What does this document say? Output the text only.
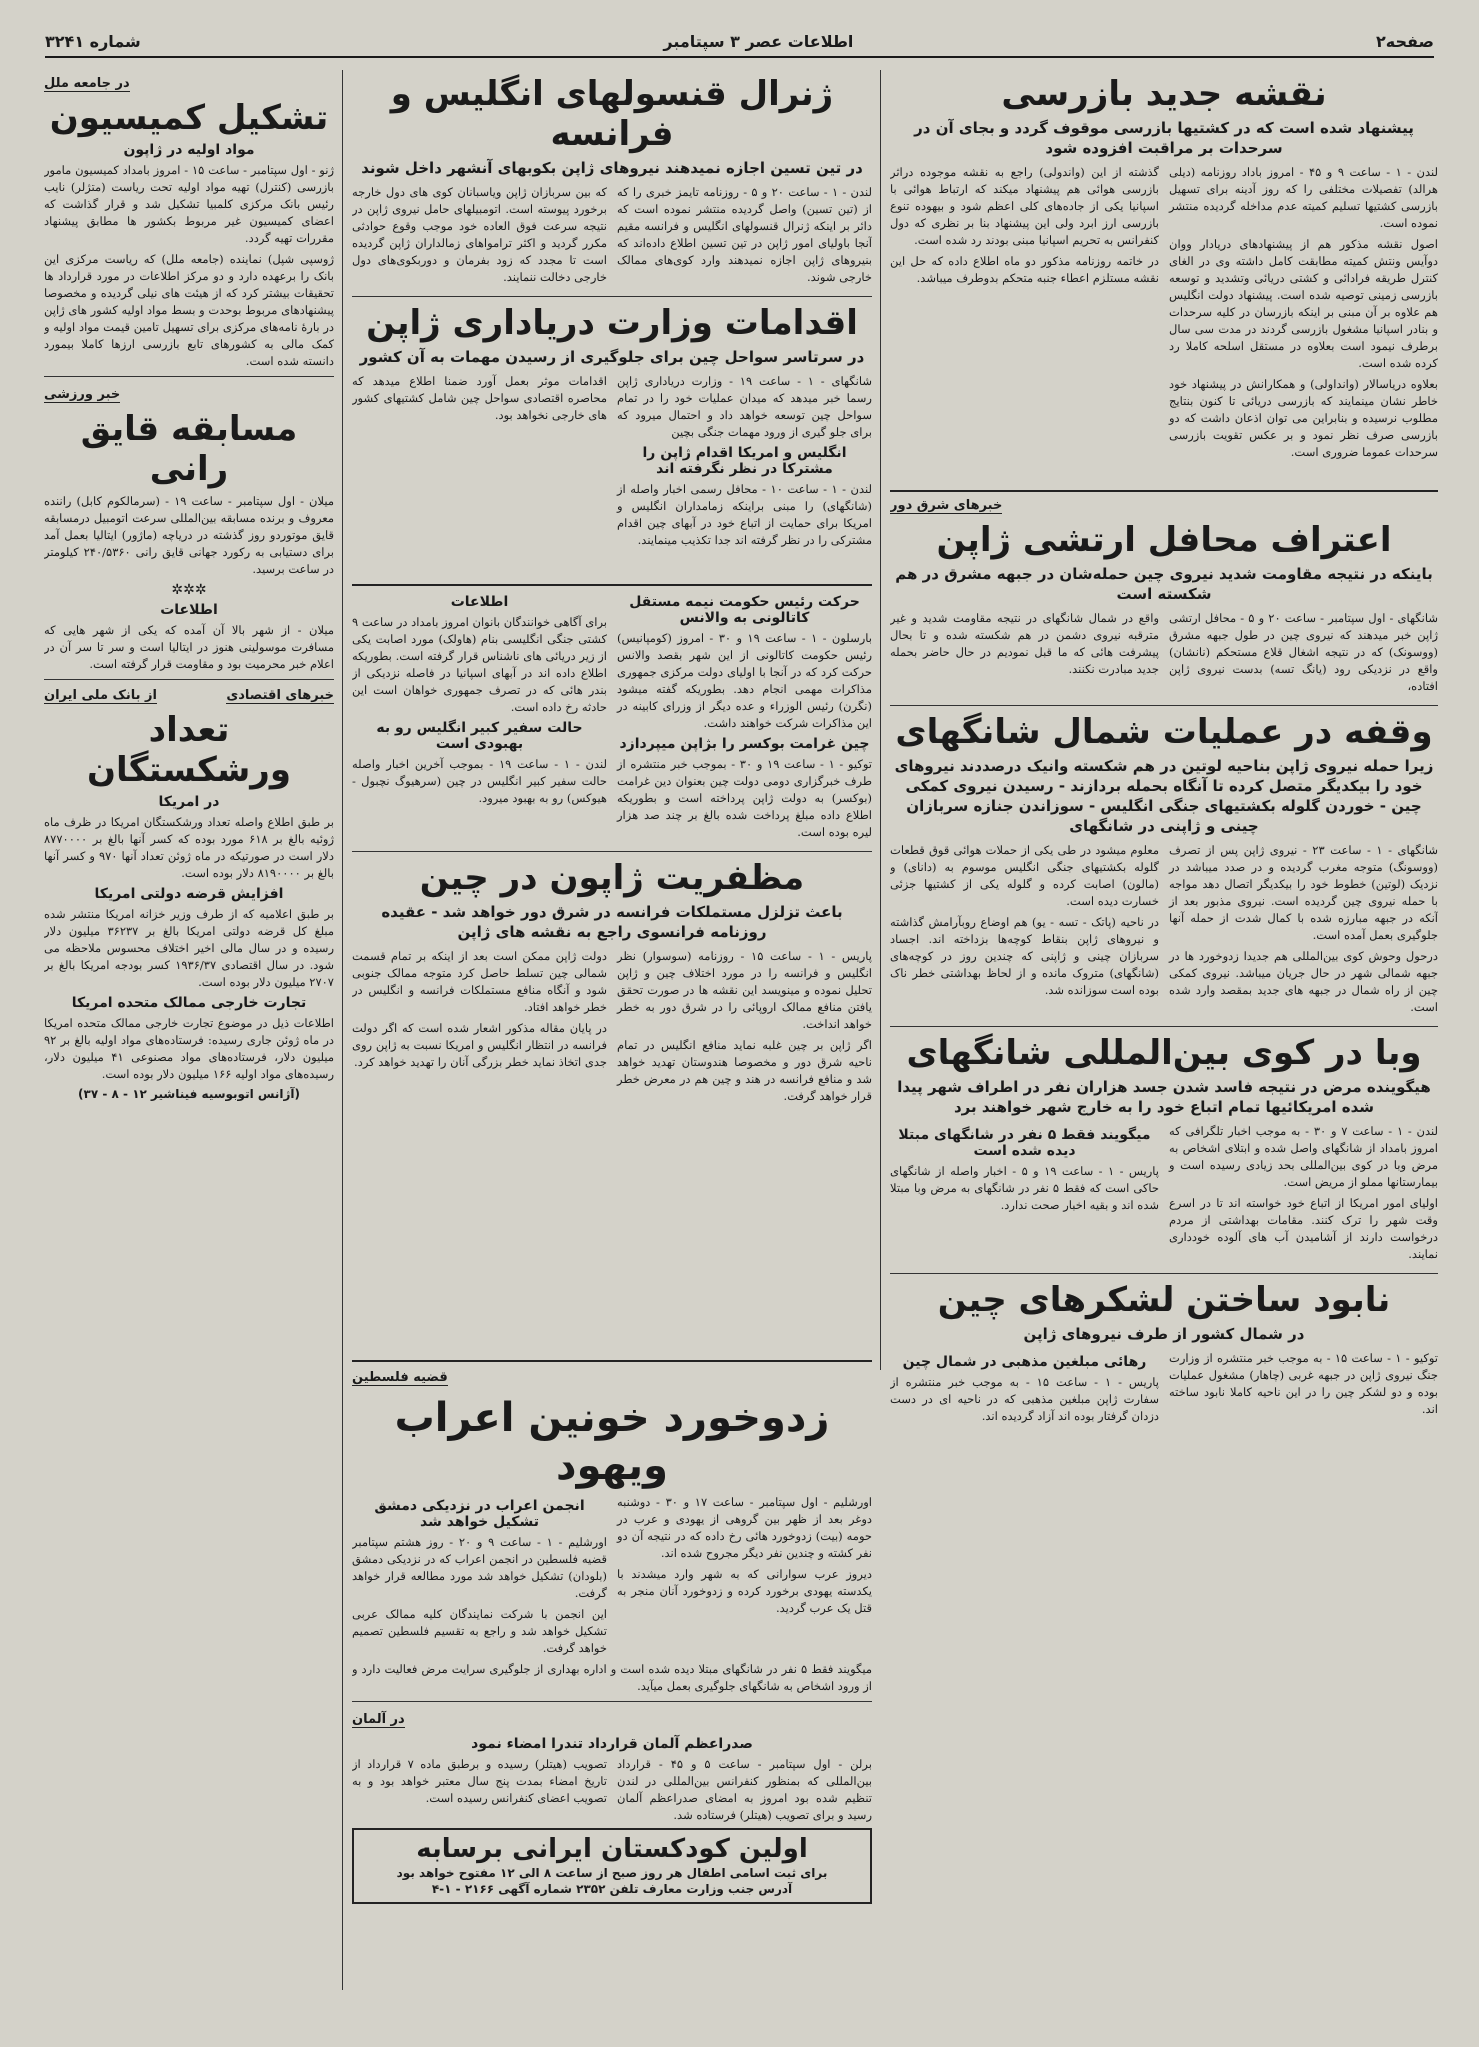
صفحه۲
اطلاعات عصر ۳ سپتامبر
شماره ۳۲۴۱
نقشه جدید بازرسی
پیشنهاد شده است که در کشتیها بازرسی موقوف گردد و بجای آن در سرحدات بر مراقبت افزوده شود

لندن - ۱ - ساعت ۹ و ۴۵ - امروز باداد روزنامه (دیلی هرالد) تفصیلات مختلفی را که روز آدینه برای تسهیل بازرسی کشتیها تسلیم کمیته عدم مداخله گردیده منتشر نموده است.

اصول نقشه مذکور هم از پیشنهادهای دریادار ووان دوآیس ونتش کمیته مطابقت کامل داشته وی در الغای کنترل طریقه فرادائی و کشتی دریائی وتشدید و توسعه بازرسی زمینی توصیه شده است. پیشنهاد دولت انگلیس هم علاوه بر آن مبنی بر اینکه بازرسان در کلیه سرحدات و بنادر اسپانیا مشغول بازرسی گردند در مدت سی سال برطرف نیمود است بعلاوه در مستقل اسلحه کاملا رد کرده شده است.

بعلاوه دریاسالار (وانداولی) و همکارانش در پیشنهاد خود خاطر نشان مینمایند که بازرسی دریائی تا کنون بنتایج مطلوب نرسیده و بنابراین می توان اذعان داشت که دو بازرسی صرف نظر نمود و بر عکس تقویت بازرسی سرحدات عموما ضروری است.

گذشته از این (واندولی) راجع به نقشه موجوده دراثر بازرسی هوائی هم پیشنهاد میکند که ارتباط هوائی با اسپانیا یکی از جاده‌های کلی اعظم شود و بیهوده تنوع بازرسی ارز ابرد ولی این پیشنهاد بنا بر نظری که دول کنفرانس به تحریم اسپانیا مبنی بودند رد شده است.

در خاتمه روزنامه مذکور دو ماه اطلاع داده که حل این نقشه مستلزم اعطاء جنبه متحکم بدوطرف میباشد.

خبرهای شرق دور
اعتراف محافل ارتشی ژاپن
باینکه در نتیجه مقاومت شدید نیروی چین حمله‌شان در جبهه مشرق در هم شکسته است

شانگهای - اول سپتامبر - ساعت ۲۰ و ۵ - محافل ارتشی ژاپن خبر میدهند که نیروی چین در طول جبهه مشرق (ووسونک) که در نتیجه اشغال قلاع مستحکم (نانشان) واقع در نزدیکی رود (یانگ تسه) بدست نیروی ژاپن افتاده،

واقع در شمال شانگهای در نتیجه مقاومت شدید و غیر مترقبه نیروی دشمن در هم شکسته شده و تا بحال پیشرفت هائی که ما قبل نمودیم در حال حاضر بحمله جدید مبادرت نکنند.

وقفه در عملیات شمال شانگهای
زیرا حمله نیروی ژاپن بناحیه لوتین در هم شکسته وانیک درصددند نیروهای خود را بیکدیگر متصل کرده تا آنگاه بحمله بردازند - رسیدن نیروی کمکی چین - خوردن گلوله بکشتیهای جنگی انگلیس - سوزاندن جنازه سربازان چینی و ژاپنی در شانگهای

شانگهای - ۱ - ساعت ۲۳ - نیروی ژاپن پس از تصرف (ووسونگ) متوجه مغرب گردیده و در صدد میباشد در نزدیک (لوتین) خطوط خود را بیکدیگر اتصال دهد مواجه با حمله نیروی چین گردیده است. نیروی مذبور بعد از آنکه در جبهه مبارزه شده با کمال شدت از حمله آنها جلوگیری بعمل آمده است.

درحول وحوش کوی بین‌المللی هم جدیدا زدوخورد ها در جبهه شمالی شهر در حال جریان میباشد. نیروی کمکی چین از راه شمال در جبهه های جدید بمقصد وارد شده است.

معلوم میشود در طی یکی از حملات هوائی قوق قطعات گلوله بکشتیهای جنگی انگلیس موسوم به (دانای) و (مالون) اصابت کرده و گلوله یکی از کشتیها جزئی خسارت دیده است.

در ناحیه (پاتک - تسه - یو) هم اوضاع روبآرامش گذاشته و نیروهای ژاپن بنقاط کوچه‌ها بزداخته اند. اجساد سربازان چینی و ژاپنی که چندین روز در کوچه‌های (شانگهای) متروک مانده و از لحاظ بهداشتی خطر ناک بوده است سوزانده شد.

وبا در کوی بین‌المللی شانگهای
هیگوینده مرض در نتیجه فاسد شدن جسد هزاران نفر در اطراف شهر پیدا شده امریکائیها تمام اتباع خود را به خارج شهر خواهند برد

لندن - ۱ - ساعت ۷ و ۳۰ - به موجب اخبار تلگرافی که امروز بامداد از شانگهای واصل شده و ابتلای اشخاص به مرض وبا در کوی بین‌المللی بحد زیادی رسیده است و بیمارستانها مملو از مریض است.

اولیای امور امریکا از اتباع خود خواسته اند تا در اسرع وقت شهر را ترک کنند. مقامات بهداشتی از مردم درخواست دارند از آشامیدن آب های آلوده خودداری نمایند.

میگویند فقط ۵ نفر در شانگهای مبتلا دیده شده است

پاریس - ۱ - ساعت ۱۹ و ۵ - اخبار واصله از شانگهای حاکی است که فقط ۵ نفر در شانگهای به مرض وبا مبتلا شده اند و بقیه اخبار صحت ندارد.

نابود ساختن لشکرهای چین
در شمال کشور از طرف نیروهای ژاپن

توکیو - ۱ - ساعت ۱۵ - به موجب خبر منتشره از وزارت جنگ نیروی ژاپن در جبهه غربی (چاهار) مشغول عملیات بوده و دو لشکر چین را در این ناحیه کاملا نابود ساخته اند.

رهائی مبلغین مذهبی در شمال چین

پاریس - ۱ - ساعت ۱۵ - به موجب خبر منتشره از سفارت ژاپن مبلغین مذهبی که در ناحیه ای در دست دزدان گرفتار بوده اند آزاد گردیده اند.

ژنرال قنسولهای انگلیس و فرانسه
در تین تسین اجازه نمیدهند نیروهای ژاپن بکوبهای آنشهر داخل شوند

لندن - ۱ - ساعت ۲۰ و ۵ - روزنامه تایمز خبری را که از (تین تسین) واصل گردیده منتشر نموده است که دائر بر اینکه ژنرال قنسولهای انگلیس و فرانسه مقیم آنجا باولیای امور ژاپن در تین تسین اطلاع داده‌اند که بنیروهای ژاپن اجازه نمیدهند وارد کوی‌های ممالک خارجی شوند.

که بین سربازان ژاپن ویاسبانان کوی های دول خارجه برخورد پیوسته است. اتومبیلهای حامل نیروی ژاپن در نتیجه سرعت فوق العاده خود موجب وقوع حوادثی مکرر گردید و اکثر ترامواهای زمالداران ژاپن گردیده است تا مجدد که زود بفرمان و دوربکوی‌های دول خارجی دخالت ننمایند.

اقدامات وزارت دریاداری ژاپن
در سرتاسر سواحل چین برای جلوگیری از رسیدن مهمات به آن کشور

شانگهای - ۱ - ساعت ۱۹ - وزارت دریاداری ژاپن رسما خبر میدهد که میدان عملیات خود را در تمام سواحل چین توسعه خواهد داد و احتمال میرود که برای جلو گیری از ورود مهمات جنگی بچین

انگلیس و امریکا اقدام ژاپن را مشترکا در نظر نگرفته اند

لندن - ۱ - ساعت ۱۰ - محافل رسمی اخبار واصله از (شانگهای) را مبنی براینکه زمامداران انگلیس و امریکا برای حمایت از اتباع خود در آبهای چین اقدام مشترکی را در نظر گرفته اند جدا تکذیب مینمایند.

اقدامات موثر بعمل آورد ضمنا اطلاع میدهد که محاصره اقتصادی سواحل چین شامل کشتیهای کشور های خارجی نخواهد بود.

حرکت رئیس حکومت نیمه مستقل کاتالونی به والانس

بارسلون - ۱ - ساعت ۱۹ و ۳۰ - امروز (کومپانیس) رئیس حکومت کاتالونی از این شهر بقصد والانس حرکت کرد که در آنجا با اولیای دولت مرکزی جمهوری مذاکرات مهمی انجام دهد. بطوریکه گفته میشود (نگرن) رئیس الوزراء و عده دیگر از وزرای کابینه در این مذاکرات شرکت خواهند داشت.

چین غرامت بوکسر را بژاپن میپردازد

توکیو - ۱ - ساعت ۱۹ و ۳۰ - بموجب خبر منتشره از طرف خبرگزاری دومی دولت چین بعنوان دین غرامت (بوکسر) به دولت ژاپن پرداخته است و بطوریکه اطلاع داده مبلغ پرداخت شده بالغ بر چند صد هزار لیره بوده است.

اطلاعات

برای آگاهی خوانندگان بانوان امروز بامداد در ساعت ۹ کشتی جنگی انگلیسی بنام (هاولک) مورد اصابت یکی از زیر دریائی های ناشناس قرار گرفته است. بطوریکه اطلاع داده اند در آبهای اسپانیا در فاصله نزدیکی از بندر هائی که در تصرف جمهوری خواهان است این حادثه رخ داده است.

حالت سفیر کبیر انگلیس رو به بهبودی است

لندن - ۱ - ساعت ۱۹ - بموجب آخرین اخبار واصله حالت سفیر کبیر انگلیس در چین (سرهیوگ نچبول - هیوکس) رو به بهبود میرود.

مظفریت ژاپون در چین
باعث تزلزل مستملکات فرانسه در شرق دور خواهد شد - عقیده روزنامه فرانسوی راجع به نقشه های ژاپن

پاریس - ۱ - ساعت ۱۵ - روزنامه (سوسوار) نظر انگلیس و فرانسه را در مورد اختلاف چین و ژاپن تحلیل نموده و مینویسد این نقشه ها در صورت تحقق یافتن منافع ممالک اروپائی را در شرق دور به خطر خواهد انداخت.

اگر ژاپن بر چین غلبه نماید منافع انگلیس در تمام ناحیه شرق دور و مخصوصا هندوستان تهدید خواهد شد و منافع فرانسه در هند و چین هم در معرض خطر قرار خواهد گرفت.

دولت ژاپن ممکن است بعد از اینکه بر تمام قسمت شمالی چین تسلط حاصل کرد متوجه ممالک جنوبی شود و آنگاه منافع مستملکات فرانسه و انگلیس در خطر خواهد افتاد.

در پایان مقاله مذکور اشعار شده است که اگر دولت فرانسه در انتظار انگلیس و امریکا نسبت به ژاپن روی جدی اتخاذ نماید خطر بزرگی آنان را تهدید خواهد کرد.

قضیه فلسطین
زدوخورد خونین اعراب ویهود

اورشلیم - اول سپتامبر - ساعت ۱۷ و ۳۰ - دوشنبه دوغر بعد از ظهر بین گروهی از یهودی و عرب در حومه (بیت) زدوخورد هائی رخ داده که در نتیجه آن دو نفر کشته و چندین نفر دیگر مجروح شده اند.

دیروز عرب سوارانی که به شهر وارد میشدند با یکدسته یهودی برخورد کرده و زدوخورد آنان منجر به قتل یک عرب گردید.

انجمن اعراب در نزدیکی دمشق تشکیل خواهد شد

اورشلیم - ۱ - ساعت ۹ و ۲۰ - روز هشتم سپتامبر قضیه فلسطین در انجمن اعراب که در نزدیکی دمشق (بلودان) تشکیل خواهد شد مورد مطالعه قرار خواهد گرفت.

این انجمن با شرکت نمایندگان کلیه ممالک عربی تشکیل خواهد شد و راجع به تقسیم فلسطین تصمیم خواهد گرفت.

میگویند فقط ۵ نفر در شانگهای مبتلا دیده شده است و اداره بهداری از جلوگیری سرایت مرض فعالیت دارد و از ورود اشخاص به شانگهای جلوگیری بعمل میآید.

در آلمان
صدراعظم آلمان قرارداد تندرا امضاء نمود

برلن - اول سپتامبر - ساعت ۵ و ۴۵ - قرارداد بین‌المللی که بمنظور کنفرانس بین‌المللی در لندن تنظیم شده بود امروز به امضای صدراعظم آلمان رسید و برای تصویب (هیتلر) فرستاده شد.

تصویب (هیتلر) رسیده و برطبق ماده ۷ قرارداد از تاریخ امضاء بمدت پنج سال معتبر خواهد بود و به تصویب اعضای کنفرانس رسیده است.

اولین کودکستان ایرانی برسابه
برای ثبت اسامی اطفال هر روز صبح از ساعت ۸ الی ۱۲ مفتوح خواهد بود
آدرس جنب وزارت معارف تلفن ۲۳۵۲ شماره آگهی ۲۱۶۶ - ۱-۴
در جامعه ملل
تشکیل کمیسیون
مواد اولیه در ژاپون

ژنو - اول سپتامبر - ساعت ۱۵ - امروز بامداد کمیسیون مامور بازرسی (کنترل) تهیه مواد اولیه تحت ریاست (متژلر) نایب رئیس بانک مرکزی کلمبیا تشکیل شد و قرار گذاشت که اعضای کمیسیون غیر مربوط بکشور ها مطابق پیشنهاد مقررات تهیه گردد.

ژوسپی شپل) نماینده (جامعه ملل) که ریاست مرکزی این بانک را برعهده دارد و دو مرکز اطلاعات در مورد قرارداد ها تحقیقات بیشتر کرد که از هیئت های نیلی گردیده و مخصوصا پیشنهادهای مربوط بوحدت و بسط مواد اولیه کشور های ژاپن در بارهٔ نامه‌های مرکزی برای تسهیل تامین قیمت مواد اولیه و کمک مالی به کشورهای تابع بازرسی ارزها کاملا بیمورد دانسته شده است.

خبر ورزشی
مسابقه قایق رانی

میلان - اول سپتامبر - ساعت ۱۹ - (سرمالکوم کابل) راننده معروف و برنده مسابقه بین‌المللی سرعت اتومبیل درمسابقه قایق موتوردو روز گذشته در دریاچه (ماژور) ایتالیا بعمل آمد برای دستیابی به رکورد جهانی قایق رانی ۲۴۰/۵۳۶۰ کیلومتر در ساعت برسید.

✲✲✲
اطلاعات

میلان - از شهر بالا آن آمده که یکی از شهر هایی که مسافرت موسولینی هنوز در ایتالیا است و سر تا سر آن در اعلام خبر محرمیت بود و مقاومت قرار گرفته است.

خبرهای اقتصادی
از بانک ملی ایران
تعداد ورشکستگان
در امریکا

بر طبق اطلاع واصله تعداد ورشکستگان امریکا در ظرف ماه ژوئیه بالغ بر ۶۱۸ مورد بوده که کسر آنها بالغ بر ۸۷۷۰۰۰۰ دلار است در صورتیکه در ماه ژوئن تعداد آنها ۹۷۰ و کسر آنها بالغ بر ۸۱۹۰۰۰۰ دلار بوده است.

افزایش قرضه دولتی امریکا

بر طبق اعلامیه که از طرف وزیر خزانه امریکا منتشر شده مبلغ کل قرضه دولتی امریکا بالغ بر ۳۶۲۳۷ میلیون دلار رسیده و در سال مالی اخیر اختلاف محسوس ملاحظه می شود. در سال اقتصادی ۱۹۳۶/۳۷ کسر بودجه امریکا بالغ بر ۲۷۰۷ میلیون دلار بوده است.

تجارت خارجی ممالک متحده امریکا

اطلاعات ذیل در موضوع تجارت خارجی ممالک متحده امریکا در ماه ژوئن جاری رسیده: فرستاده‌های مواد اولیه بالغ بر ۹۲ میلیون دلار، فرستاده‌های مواد مصنوعی ۴۱ میلیون دلار، رسیده‌های مواد اولیه ۱۶۶ میلیون دلار بوده است.

(آژانس اتوبوسیه فیناشیر ۱۲ - ۸ - ۳۷)
